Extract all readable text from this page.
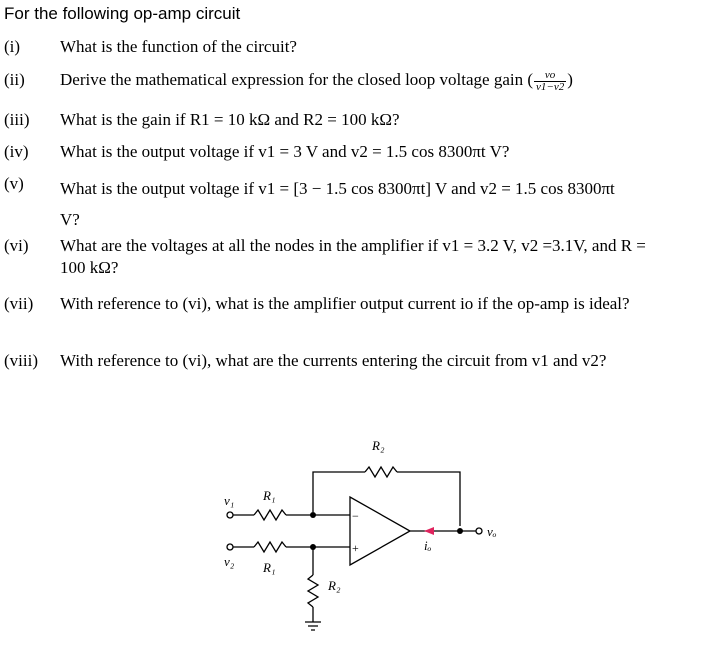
For the following op-amp circuit
(i) What is the function of the circuit?
(ii) Derive the mathematical expression for the closed loop voltage gain ( $\frac{vo}{v1-v2}$ )
(iii) What is the gain if R1 = 10 kΩ and R2 = 100 kΩ?
(iv) What is the output voltage if v1 = 3 V and v2 = 1.5 cos 8300πt V?
(v) What is the output voltage if v1 = [3 − 1.5 cos 8300πt] V and v2 = 1.5 cos 8300πt V?
(vi) What are the voltages at all the nodes in the amplifier if v1 = 3.2 V, v2 =3.1V, and R = 100 kΩ?
(vii) With reference to (vi), what is the amplifier output current io if the op-amp is ideal?
(viii) With reference to (vi), what are the currents entering the circuit from v1 and v2?
R₂
R₁
v₁
v₂ R₁
R₂
−
+	iₒ
vₒ
